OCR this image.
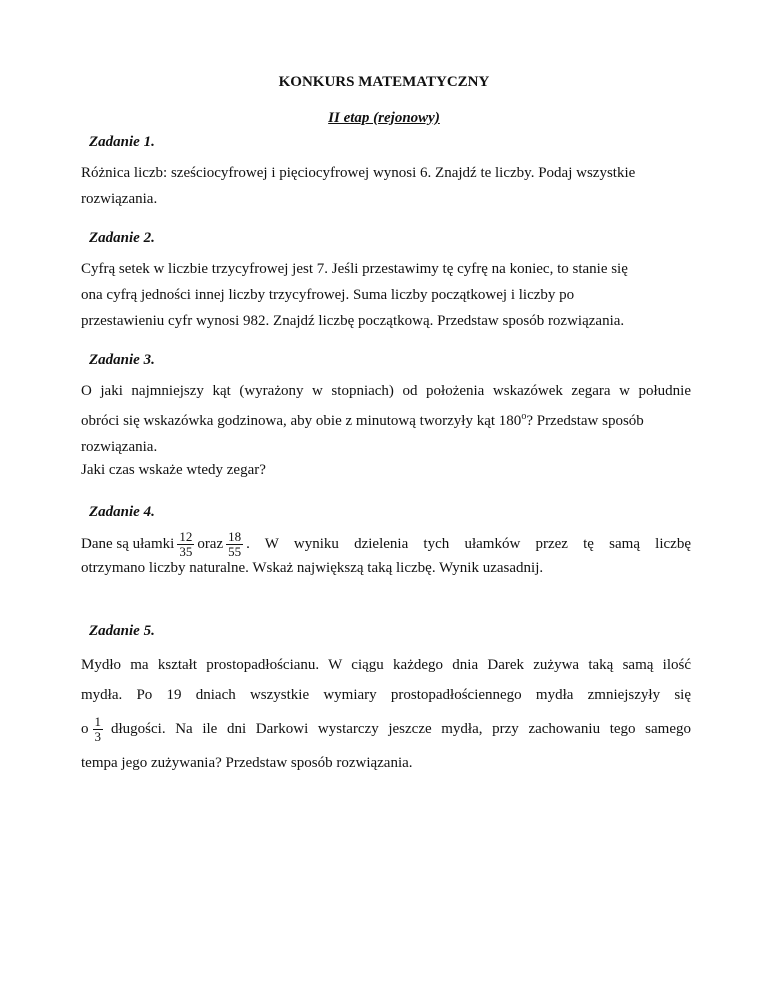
KONKURS MATEMATYCZNY
II etap (rejonowy)
Zadanie 1.
Różnica liczb: sześciocyfrowej i pięciocyfrowej wynosi 6. Znajdź te liczby. Podaj wszystkie
rozwiązania.
Zadanie 2.
Cyfrą setek w liczbie trzycyfrowej jest 7. Jeśli przestawimy tę cyfrę na koniec, to stanie się
ona cyfrą jedności innej liczby trzycyfrowej. Suma liczby początkowej i liczby po
przestawieniu cyfr wynosi 982. Znajdź liczbę początkową. Przedstaw sposób rozwiązania.
Zadanie 3.
O jaki najmniejszy kąt (wyrażony w stopniach) od położenia wskazówek zegara w południe
obróci się wskazówka godzinowa, aby obie z minutową tworzyły kąt 180$^o$? Przedstaw sposób
rozwiązania.
Jaki czas wskaże wtedy zegar?
Zadanie 4.
Dane są ułamki $\frac{12}{35}$ oraz $\frac{18}{55}$ . W wyniku dzielenia tych ułamków przez tę samą liczbę
otrzymano liczby naturalne. Wskaż największą taką liczbę. Wynik uzasadnij.
Zadanie 5.
Mydło ma kształt prostopadłościanu. W ciągu każdego dnia Darek zużywa taką samą ilość
mydła. Po 19 dniach wszystkie wymiary prostopadłościennego mydła zmniejszyły się
o $\frac{1}{3}$ długości. Na ile dni Darkowi wystarczy jeszcze mydła, przy zachowaniu tego samego
tempa jego zużywania? Przedstaw sposób rozwiązania.
